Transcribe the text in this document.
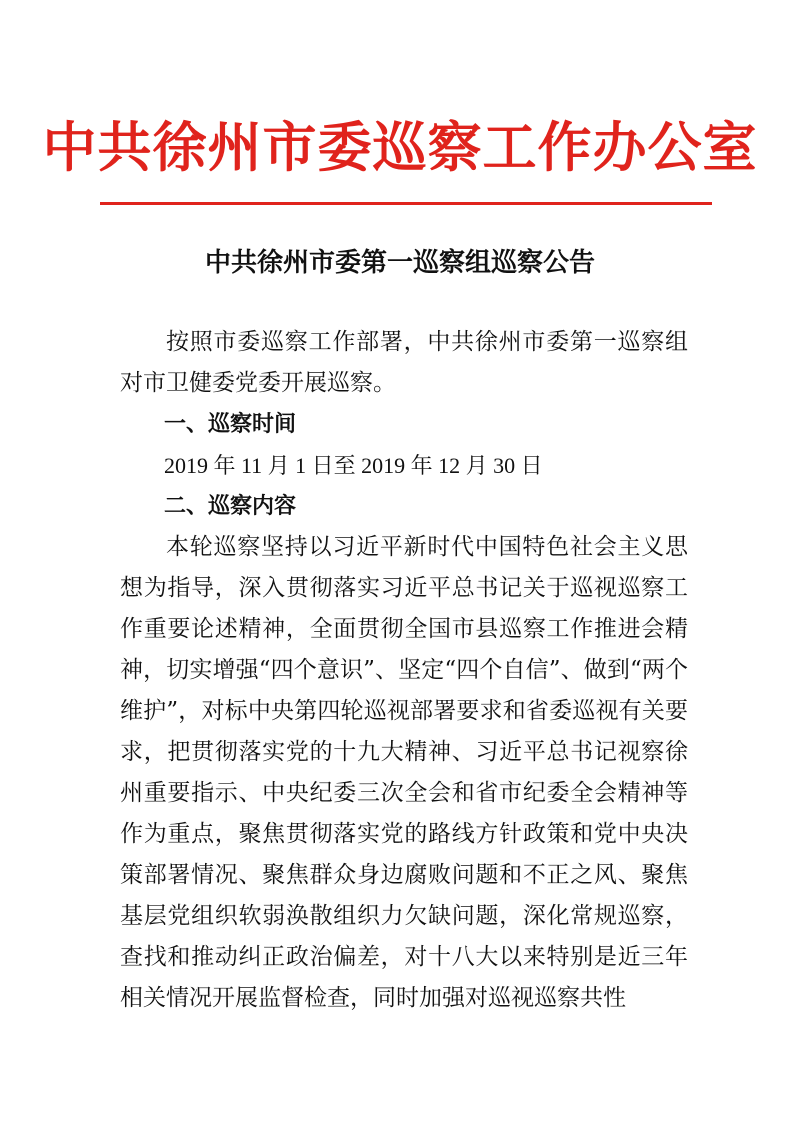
中共徐州市委巡察工作办公室
中共徐州市委第一巡察组巡察公告

按照市委巡察工作部署，中共徐州市委第一巡察组对市卫健委党委开展巡察。

一、巡察时间

2019 年 11 月 1 日至 2019 年 12 月 30 日

二、巡察内容

本轮巡察坚持以习近平新时代中国特色社会主义思想为指导，深入贯彻落实习近平总书记关于巡视巡察工作重要论述精神，全面贯彻全国市县巡察工作推进会精神，切实增强“四个意识”、坚定“四个自信”、做到“两个维护”，对标中央第四轮巡视部署要求和省委巡视有关要求，把贯彻落实党的十九大精神、习近平总书记视察徐州重要指示、中央纪委三次全会和省市纪委全会精神等作为重点，聚焦贯彻落实党的路线方针政策和党中央决策部署情况、聚焦群众身边腐败问题和不正之风、聚焦基层党组织软弱涣散组织力欠缺问题，深化常规巡察，查找和推动纠正政治偏差，对十八大以来特别是近三年相关情况开展监督检查，同时加强对巡视巡察共性
